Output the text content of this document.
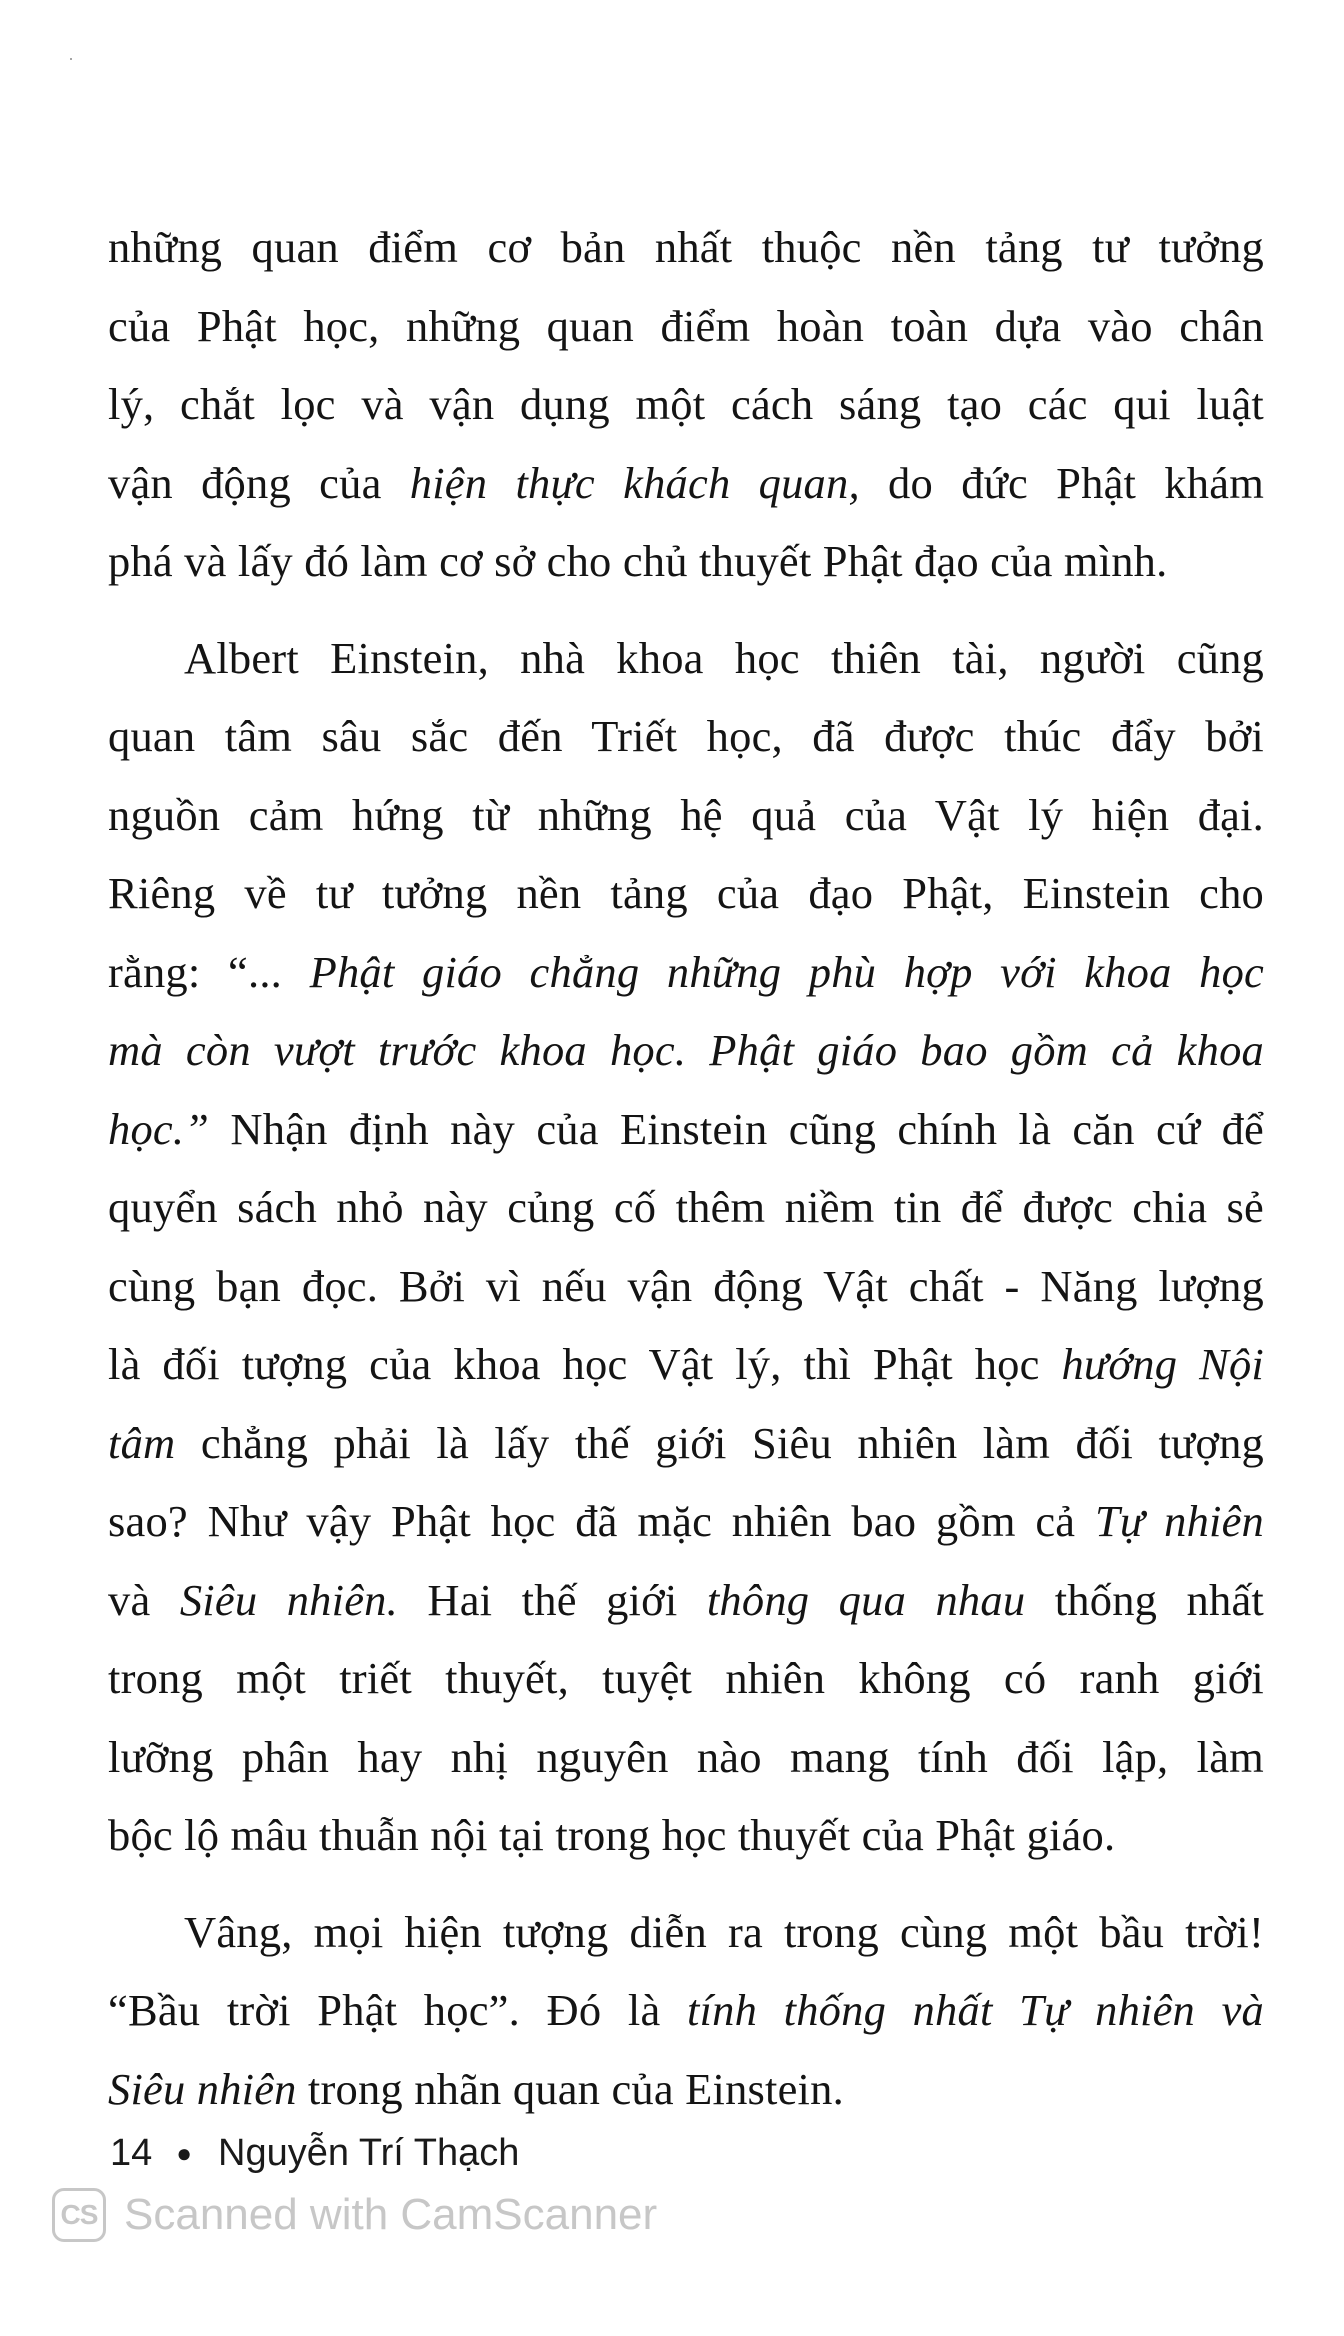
những quan điểm cơ bản nhất thuộc nền tảng tư tưởng
của Phật học, những quan điểm hoàn toàn dựa vào chân
lý, chắt lọc và vận dụng một cách sáng tạo các qui luật
vận động của hiện thực khách quan, do đức Phật khám
phá và lấy đó làm cơ sở cho chủ thuyết Phật đạo của mình.

Albert Einstein, nhà khoa học thiên tài, người cũng
quan tâm sâu sắc đến Triết học, đã được thúc đẩy bởi
nguồn cảm hứng từ những hệ quả của Vật lý hiện đại.
Riêng về tư tưởng nền tảng của đạo Phật, Einstein cho
rằng: “... Phật giáo chẳng những phù hợp với khoa học
mà còn vượt trước khoa học. Phật giáo bao gồm cả khoa
học.” Nhận định này của Einstein cũng chính là căn cứ để
quyển sách nhỏ này củng cố thêm niềm tin để được chia sẻ
cùng bạn đọc. Bởi vì nếu vận động Vật chất - Năng lượng
là đối tượng của khoa học Vật lý, thì Phật học hướng Nội
tâm chẳng phải là lấy thế giới Siêu nhiên làm đối tượng
sao? Như vậy Phật học đã mặc nhiên bao gồm cả Tự nhiên
và Siêu nhiên. Hai thế giới thông qua nhau thống nhất
trong một triết thuyết, tuyệt nhiên không có ranh giới
lưỡng phân hay nhị nguyên nào mang tính đối lập, làm
bộc lộ mâu thuẫn nội tại trong học thuyết của Phật giáo.

Vâng, mọi hiện tượng diễn ra trong cùng một bầu trời!
“Bầu trời Phật học”. Đó là tính thống nhất Tự nhiên và
Siêu nhiên trong nhãn quan của Einstein.

14 ● Nguyễn Trí Thạch
CS Scanned with CamScanner
